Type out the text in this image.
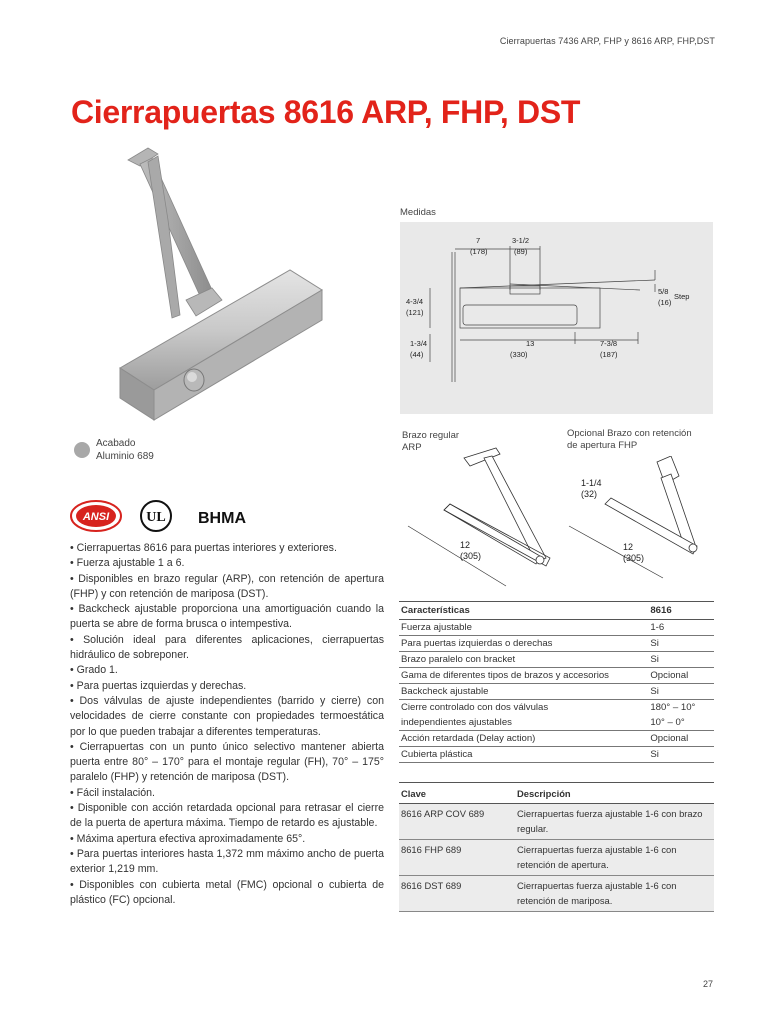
Cierrapuertas 7436 ARP, FHP y 8616 ARP, FHP,DST
Cierrapuertas 8616 ARP, FHP, DST
Acabado
Aluminio 689
ANSI	UL BHMA

• Cierrapuertas 8616 para puertas interiores y exteriores.

• Fuerza ajustable 1 a 6.

• Disponibles en brazo regular (ARP), con retención de apertura (FHP) y con retención de mariposa (DST).

• Backcheck ajustable proporciona una amortiguación cuando la puerta se abre de forma brusca o intempestiva.

• Solución ideal para diferentes aplicaciones, cierrapuertas hidráulico de sobreponer.

• Grado 1.

• Para puertas izquierdas y derechas.

• Dos válvulas de ajuste independientes (barrido y cierre) con velocidades de cierre constante con propiedades termoestática por lo que pueden trabajar a diferentes temperaturas.

• Cierrapuertas con un punto único selectivo mantener abierta puerta entre 80° – 170° para el montaje regular (FH), 70° – 175° paralelo (FHP) y retención de mariposa (DST).

• Fácil instalación.

• Disponible con acción retardada opcional para retrasar el cierre de la puerta de apertura máxima. Tiempo de retardo es ajustable.

• Máxima apertura efectiva aproximadamente 65°.

• Para puertas interiores hasta 1,372 mm máximo ancho de puerta exterior 1,219 mm.

• Disponibles con cubierta metal (FMC) opcional o cubierta de plástico (FC) opcional.

Medidas
7
(178)
3-1/2
(89)
4-3/4
(121)
5/8
Step
(16)
1-3/4
(44)
13
(330)
7-3/8
(187)
Brazo regular
ARP
Opcional Brazo con retención
de apertura FHP
12
(305)
1-1/4
(32)
12
(305)
Características	8616
Fuerza ajustable	1-6
Para puertas izquierdas o derechas	Si
Brazo paralelo con bracket	Si
Gama de diferentes tipos de brazos y accesorios	Opcional
Backcheck ajustable	Si
Cierre controlado con dos válvulas	180° – 10°
independientes ajustables	10° – 0°
Acción retardada (Delay action)	Opcional
Cubierta plástica	Si
Clave	Descripción
8616 ARP COV 689	Cierrapuertas fuerza ajustable 1-6 con brazo regular.
8616 FHP 689	Cierrapuertas fuerza ajustable 1-6 con retención de apertura.
8616 DST 689	Cierrapuertas fuerza ajustable 1-6 con retención de mariposa.
27
